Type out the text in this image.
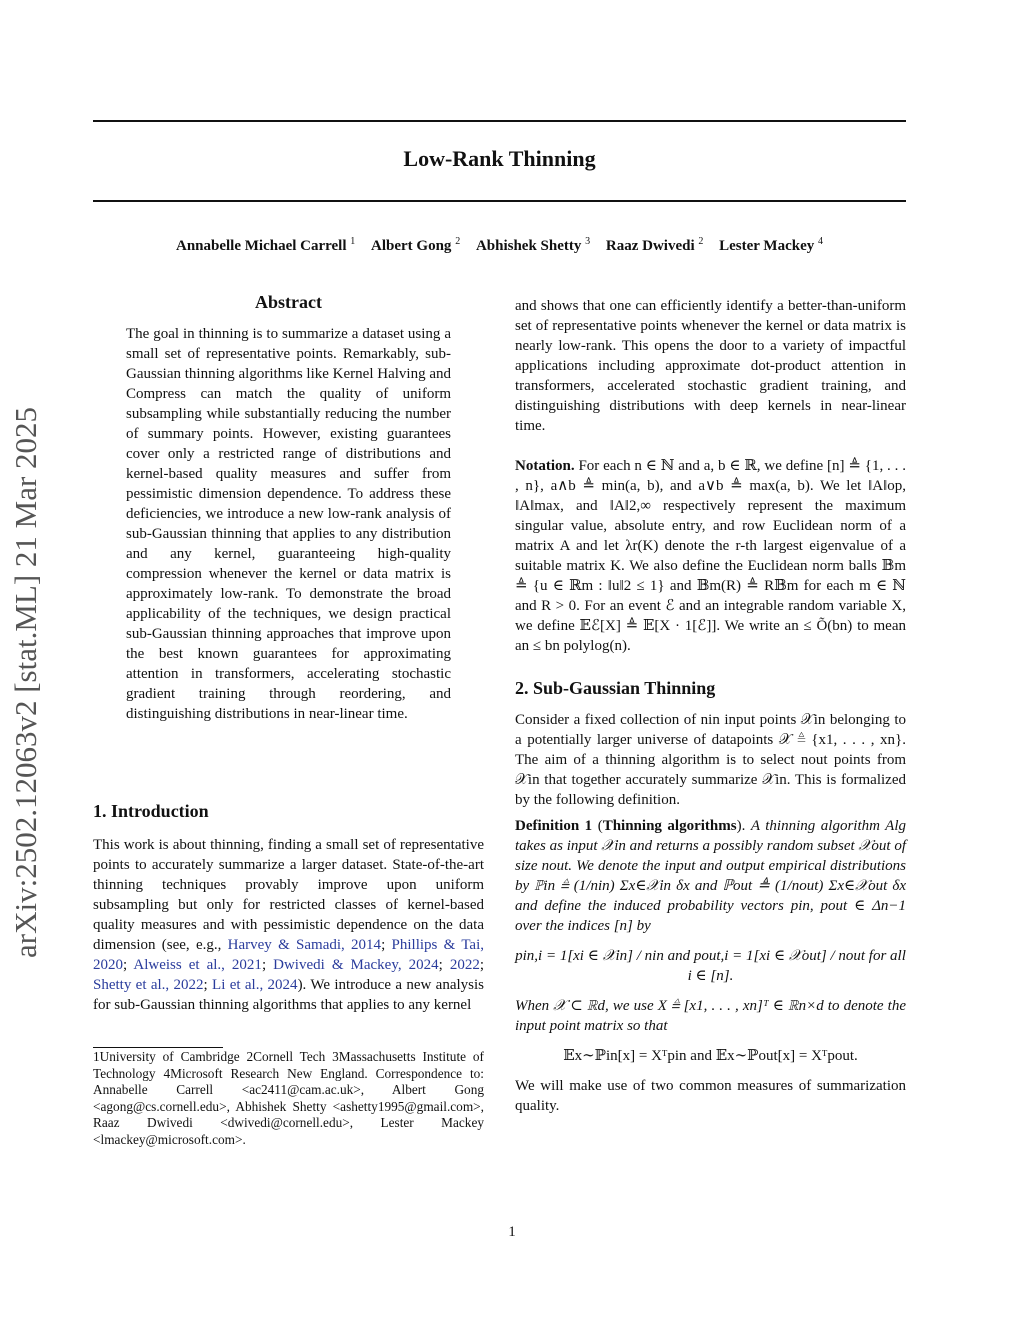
Low-Rank Thinning
Annabelle Michael Carrell $^1$ Albert Gong $^2$ Abhishek Shetty $^3$ Raaz Dwivedi $^2$ Lester Mackey $^4$
arXiv:2502.12063v2 [stat.ML] 21 Mar 2025
Abstract

The goal in thinning is to summarize a dataset using a small set of representative points. Remarkably, sub-Gaussian thinning algorithms like Kernel Halving and Compress can match the quality of uniform subsampling while substantially reducing the number of summary points. However, existing guarantees cover only a restricted range of distributions and kernel-based quality measures and suffer from pessimistic dimension dependence. To address these deficiencies, we introduce a new low-rank analysis of sub-Gaussian thinning that applies to any distribution and any kernel, guaranteeing high-quality compression whenever the kernel or data matrix is approximately low-rank. To demonstrate the broad applicability of the techniques, we design practical sub-Gaussian thinning approaches that improve upon the best known guarantees for approximating attention in transformers, accelerating stochastic gradient training through reordering, and distinguishing distributions in near-linear time.

1. Introduction

This work is about thinning, finding a small set of representative points to accurately summarize a larger dataset. State-of-the-art thinning techniques provably improve upon uniform subsampling but only for restricted classes of kernel-based quality measures and with pessimistic dependence on the data dimension (see, e.g., Harvey & Samadi, 2014; Phillips & Tai, 2020; Alweiss et al., 2021; Dwivedi & Mackey, 2024; 2022; Shetty et al., 2022; Li et al., 2024). We introduce a new analysis for sub-Gaussian thinning algorithms that applies to any kernel

1University of Cambridge 2Cornell Tech 3Massachusetts Institute of Technology 4Microsoft Research New England. Correspondence to: Annabelle Carrell <ac2411@cam.ac.uk>, Albert Gong <agong@cs.cornell.edu>, Abhishek Shetty <ashetty1995@gmail.com>, Raaz Dwivedi <dwivedi@cornell.edu>, Lester Mackey <lmackey@microsoft.com>.

and shows that one can efficiently identify a better-than-uniform set of representative points whenever the kernel or data matrix is nearly low-rank. This opens the door to a variety of impactful applications including approximate dot-product attention in transformers, accelerated stochastic gradient training, and distinguishing distributions with deep kernels in near-linear time.

Notation. For each n ∈ ℕ and a, b ∈ ℝ, we define [n] ≜ {1, . . . , n}, a∧b ≜ min(a, b), and a∨b ≜ max(a, b). We let ‖A‖op, ‖A‖max, and ‖A‖2,∞ respectively represent the maximum singular value, absolute entry, and row Euclidean norm of a matrix A and let λr(K) denote the r-th largest eigenvalue of a suitable matrix K. We also define the Euclidean norm balls 𝔹m ≜ {u ∈ ℝm : ‖u‖2 ≤ 1} and 𝔹m(R) ≜ R𝔹m for each m ∈ ℕ and R > 0. For an event ℰ and an integrable random variable X, we define 𝔼ℰ[X] ≜ 𝔼[X · 1[ℰ]]. We write an ≤ Õ(bn) to mean an ≤ bn polylog(n).

2. Sub-Gaussian Thinning

Consider a fixed collection of nin input points 𝒳in belonging to a potentially larger universe of datapoints 𝒳 ≜ {x1, . . . , xn}. The aim of a thinning algorithm is to select nout points from 𝒳in that together accurately summarize 𝒳in. This is formalized by the following definition.

Definition 1 (Thinning algorithms). A thinning algorithm Alg takes as input 𝒳in and returns a possibly random subset 𝒳out of size nout. We denote the input and output empirical distributions by ℙin ≜ (1/nin) Σx∈𝒳in δx and ℙout ≜ (1/nout) Σx∈𝒳out δx and define the induced probability vectors pin, pout ∈ Δn−1 over the indices [n] by

pin,i = 1[xi ∈ 𝒳in] / nin and pout,i = 1[xi ∈ 𝒳out] / nout for all i ∈ [n].

When 𝒳 ⊂ ℝd, we use X ≜ [x1, . . . , xn]ᵀ ∈ ℝn×d to denote the input point matrix so that

𝔼x∼ℙin[x] = Xᵀpin and 𝔼x∼ℙout[x] = Xᵀpout.

We will make use of two common measures of summarization quality.

1
